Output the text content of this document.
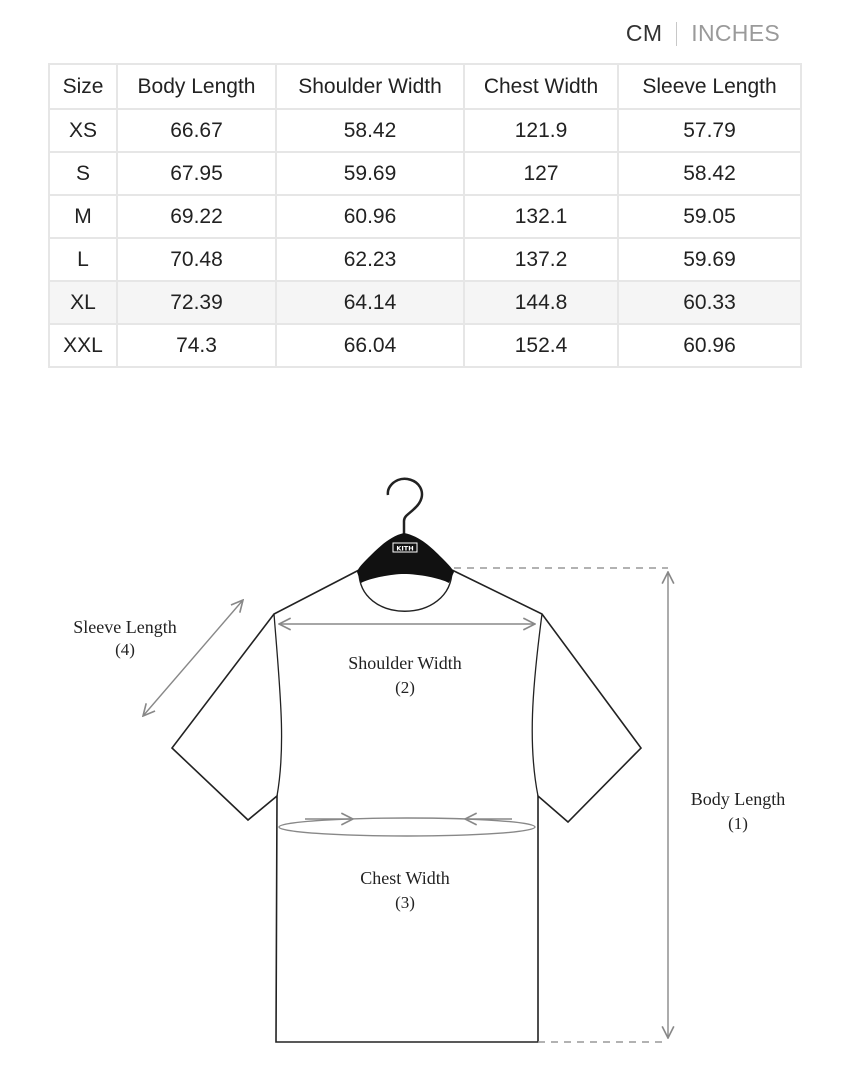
CM INCHES
Size	Body Length	Shoulder Width	Chest Width	Sleeve Length
XS	66.67	58.42	121.9	57.79
S	67.95	59.69	127	58.42
M	69.22	60.96	132.1	59.05
L	70.48	62.23	137.2	59.69
XL	72.39	64.14	144.8	60.33
XXL	74.3	66.04	152.4	60.96
KITH
Sleeve Length
(4)
Shoulder Width
(2)
Chest Width
(3)
Body Length
(1)
